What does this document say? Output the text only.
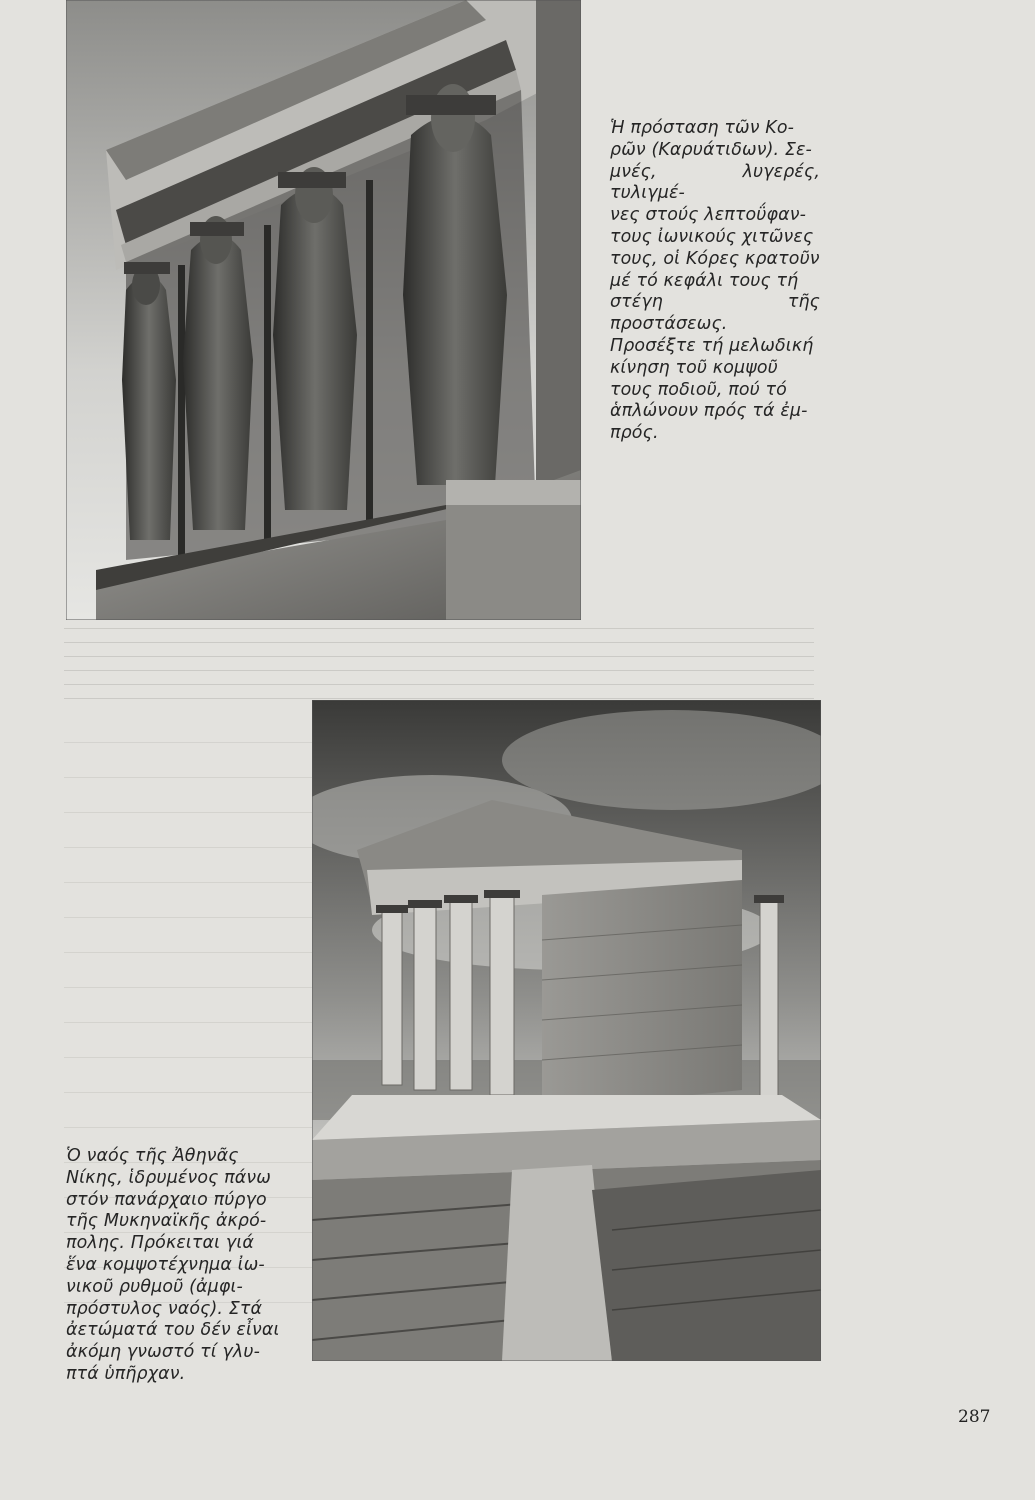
Ἡ πρόσταση τῶν Κο-
ρῶν (Καρυάτιδων). Σε-
μνές, λυγερές, τυλιγμέ-
νες στούς λεπτοΰφαν-
τους ἰωνικούς χιτῶνες
τους, οἱ Κόρες κρατοῦν
μέ τό κεφάλι τους τή
στέγη τῆς προστάσεως.
Προσέξτε τή μελωδική
κίνηση τοῦ κομψοῦ
τους ποδιοῦ, πού τό
ἁπλώνουν πρός τά ἐμ-
πρός.
Ὁ ναός τῆς Ἀθηνᾶς
Νίκης, ἱδρυμένος πάνω
στόν πανάρχαιο πύργο
τῆς Μυκηναϊκῆς ἀκρό-
πολης. Πρόκειται γιά
ἕνα κομψοτέχνημα ἰω-
νικοῦ ρυθμοῦ (ἀμφι-
πρόστυλος ναός). Στά
ἀετώματά του δέν εἶναι
ἀκόμη γνωστό τί γλυ-
πτά ὑπῆρχαν.
287
